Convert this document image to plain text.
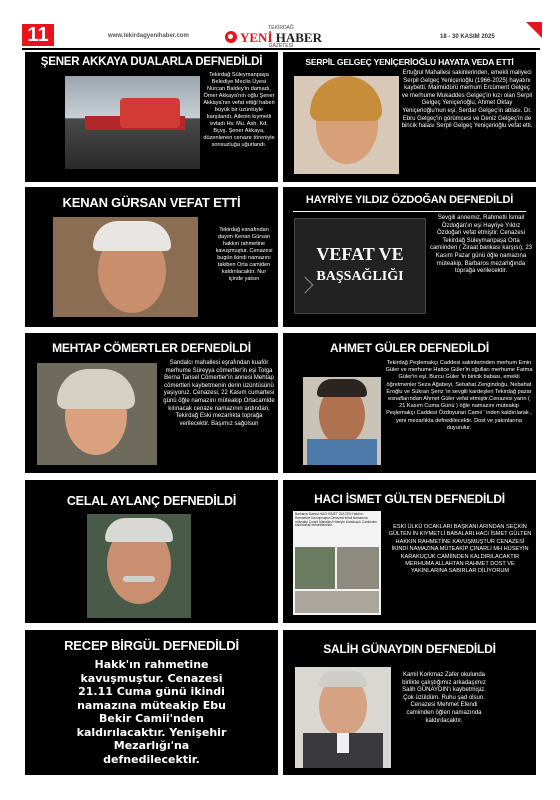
11	www.tekirdagyenihaber.com
TEKİRDAĞ
YENİ HABER
GAZETESİ
18 - 30 KASIM 2025
ŞENER AKKAYA DUALARLA DEFNEDİLDİ
Tekirdağ Süleymanpaşa Belediye Meclis Üyesi Nurcan Baldey'in damadı, Ömer Akkaya'nın oğlu Şener Akkaya'nın vefat ettiği haberi büyük bir üzüntüyle karşılandı. Ailenin kıymetli evladı Hv. Mu. Asb. Kd. Bçvş. Şener Akkaya, düzenlenen cenaze töreniyle sonsuzluğa uğurlandı.
SERPİL GELGEÇ YENİÇERİOĞLU HAYATA VEDA ETTİ
Ertuğrul Mahallesi sakinlerinden, emekli maliyeci Serpil Gelgeç Yeniçerioğlu (1966-2025) hayatını kaybetti. Malmüdürü merhum Ercüment Gelgeç ve merhume Mukaddes Gelgeç'in kızı olan Serpil Gelgeç Yeniçerioğlu, Ahmet Oktay Yeniçerioğlu'nun eşi, Serdar Gelgeç'in ablası. Dr. Ebru Gelgeç'in görümcesi ve Deniz Gelgeç'in de biricik halası Serpil Gelgeç Yeniçerioğlu vefat etti.
KENAN GÜRSAN VEFAT ETTİ
Tekirdağ esnafından dayım Kenan Gürsan hakkın rahmetine kavuşmuştur. Cenazesi bugün ikindi namazını takiben Orta camiden kaldırılacaktır. Nur içinde yatsın
HAYRİYE YILDIZ ÖZDOĞAN DEFNEDİLDİ
VEFAT VE
BAŞSAĞLIĞI
Sevgili annemiz, Rahmetli İsmail Özdoğan'ın eşi Hayriye Yıldız Özdoğan vefat etmiştir. Cenazesi Tekirdağ Süleymanpaşa Orta camiinden ( Ziraat bankası karşısı), 23 Kasım Pazar günü öğle namazına müteakip, Barbaros mezarlığında toprağa verilecektir.
MEHTAP CÖMERTLER DEFNEDİLDİ
Sandalcı mahallesi eşrafından kuaför merhume Süreyya cömertler'in eşi Tolga Berna Tansel Cömertler'in annesi Mehtap cömertleri kaybetmenin derin üzüntüsünü yaşıyoruz. Cenazesi, 22 Kasım cumartesi günü öğle namazını müteakip Ortacamide kılınacak cenaze namazının ardından, Tekirdağ Eski mezarlıkta toprağa verilecektir. Başımız sağolsun
AHMET GÜLER DEFNEDİLDİ
Tekirdağ Peşlemakçı Caddesi sakinlerinden merhum Emin Güler ve merhume Hatice Güler'in oğulları merhume Fatma Güler'in eşi, Burcu Güler 'in biricik babası, emekli öğretmenler Seza Ağabeyi, Sebahat Zengindoğu, Nebahat Eroğlu ve Sükran Şeriz 'in sevgili kardeşleri Tekirdağ pazar esnaflarından Ahmet Güler vefat etmiştir.Cenazesi yarın ( 21 Kasım Cuma Günü ) öğle namazını müteakip Peşlemakçı Caddesi Özdoyuran Camii ' inden kaldırılarak , yeni mezarlıkta defnedilecektir. Dost ve yakınlarına duyurulur.
CELAL AYLANÇ DEFNEDİLDİ	HACI İSMET GÜLTEN DEFNEDİLDİ
Barbaros Dairesi HACI İSMET GÜLTEN Hakk'ın Rahmetine Kavuşmuştur.Cenazesi ikindi Namazına müteakip Çınarlı Mahallesi Hüseyin Karakuçuk Camiinden kaldırılarak defnedilecektir.	ESKİ ÜLKÜ OCAKLARI BAŞKANI ARINDAN SEÇKİN GÜLTEN İN KIYMETLİ BABALARI HACI İSMET GÜLTEN HAKKIN RAHMETİNE KAVUŞMUŞTUR CENAZESİ İKİNDİ NAMAZINA MÜTEAKİP ÇINARLI MH HÜSEYİN KARAKUÇUK CAMİİNDEN KALDIRILACAKTIR MERHUMA ALLAHTAN RAHMET DOST VE YAKINLARINA SABIRLAR DİLİYORUM
RECEP BİRGÜL DEFNEDİLDİ
Hakk'ın rahmetine
kavuşmuştur. Cenazesi
21.11 Cuma günü ikindi
namazına müteakip Ebu
Bekir Camii'nden
kaldırılacaktır. Yenişehir
Mezarlığı'na
defnedilecektir.
SALİH GÜNAYDIN DEFNEDİLDİ
Kamil Korkmaz Zafer okulunda birlikte çalıştığımız arkadaşımız Salih GÜNAYDIN'ı kaybetmişiz. Çok üzüldüm. Ruhu şad olsun. Cenazesi Mehmet Efendi camiinden öğlen namazında kaldırılacaktır.
